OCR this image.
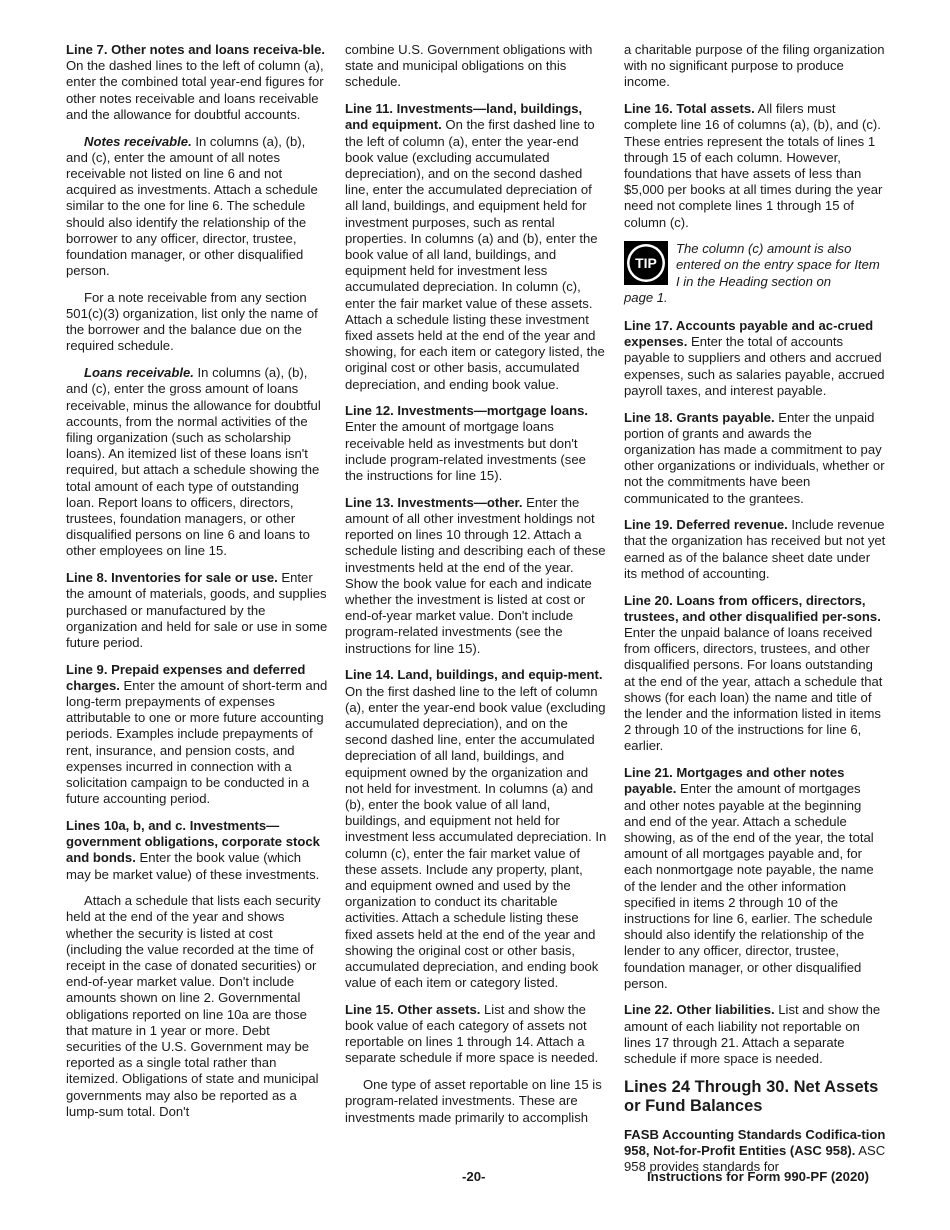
Line 7. Other notes and loans receiva-ble. On the dashed lines to the left of column (a), enter the combined total year-end figures for other notes receivable and loans receivable and the allowance for doubtful accounts.

Notes receivable. In columns (a), (b), and (c), enter the amount of all notes receivable not listed on line 6 and not acquired as investments. Attach a schedule similar to the one for line 6. The schedule should also identify the relationship of the borrower to any officer, director, trustee, foundation manager, or other disqualified person.

For a note receivable from any section 501(c)(3) organization, list only the name of the borrower and the balance due on the required schedule.

Loans receivable. In columns (a), (b), and (c), enter the gross amount of loans receivable, minus the allowance for doubtful accounts, from the normal activities of the filing organization (such as scholarship loans). An itemized list of these loans isn't required, but attach a schedule showing the total amount of each type of outstanding loan. Report loans to officers, directors, trustees, foundation managers, or other disqualified persons on line 6 and loans to other employees on line 15.

Line 8. Inventories for sale or use. Enter the amount of materials, goods, and supplies purchased or manufactured by the organization and held for sale or use in some future period.

Line 9. Prepaid expenses and deferred charges. Enter the amount of short-term and long-term prepayments of expenses attributable to one or more future accounting periods. Examples include prepayments of rent, insurance, and pension costs, and expenses incurred in connection with a solicitation campaign to be conducted in a future accounting period.

Lines 10a, b, and c. Investments—government obligations, corporate stock and bonds. Enter the book value (which may be market value) of these investments.

Attach a schedule that lists each security held at the end of the year and shows whether the security is listed at cost (including the value recorded at the time of receipt in the case of donated securities) or end-of-year market value. Don't include amounts shown on line 2. Governmental obligations reported on line 10a are those that mature in 1 year or more. Debt securities of the U.S. Government may be reported as a single total rather than itemized. Obligations of state and municipal governments may also be reported as a lump-sum total. Don't

combine U.S. Government obligations with state and municipal obligations on this schedule.

Line 11. Investments—land, buildings, and equipment. On the first dashed line to the left of column (a), enter the year-end book value (excluding accumulated depreciation), and on the second dashed line, enter the accumulated depreciation of all land, buildings, and equipment held for investment purposes, such as rental properties. In columns (a) and (b), enter the book value of all land, buildings, and equipment held for investment less accumulated depreciation. In column (c), enter the fair market value of these assets. Attach a schedule listing these investment fixed assets held at the end of the year and showing, for each item or category listed, the original cost or other basis, accumulated depreciation, and ending book value.

Line 12. Investments—mortgage loans. Enter the amount of mortgage loans receivable held as investments but don't include program-related investments (see the instructions for line 15).

Line 13. Investments—other. Enter the amount of all other investment holdings not reported on lines 10 through 12. Attach a schedule listing and describing each of these investments held at the end of the year. Show the book value for each and indicate whether the investment is listed at cost or end-of-year market value. Don't include program-related investments (see the instructions for line 15).

Line 14. Land, buildings, and equip-ment. On the first dashed line to the left of column (a), enter the year-end book value (excluding accumulated depreciation), and on the second dashed line, enter the accumulated depreciation of all land, buildings, and equipment owned by the organization and not held for investment. In columns (a) and (b), enter the book value of all land, buildings, and equipment not held for investment less accumulated depreciation. In column (c), enter the fair market value of these assets. Include any property, plant, and equipment owned and used by the organization to conduct its charitable activities. Attach a schedule listing these fixed assets held at the end of the year and showing the original cost or other basis, accumulated depreciation, and ending book value of each item or category listed.

Line 15. Other assets. List and show the book value of each category of assets not reportable on lines 1 through 14. Attach a separate schedule if more space is needed.

One type of asset reportable on line 15 is program-related investments. These are investments made primarily to accomplish

a charitable purpose of the filing organization with no significant purpose to produce income.

Line 16. Total assets. All filers must complete line 16 of columns (a), (b), and (c). These entries represent the totals of lines 1 through 15 of each column. However, foundations that have assets of less than $5,000 per books at all times during the year need not complete lines 1 through 15 of column (c).

TIP
The column (c) amount is also entered on the entry space for Item I in the Heading section on
page 1.

Line 17. Accounts payable and ac-crued expenses. Enter the total of accounts payable to suppliers and others and accrued expenses, such as salaries payable, accrued payroll taxes, and interest payable.

Line 18. Grants payable. Enter the unpaid portion of grants and awards the organization has made a commitment to pay other organizations or individuals, whether or not the commitments have been communicated to the grantees.

Line 19. Deferred revenue. Include revenue that the organization has received but not yet earned as of the balance sheet date under its method of accounting.

Line 20. Loans from officers, directors, trustees, and other disqualified per-sons. Enter the unpaid balance of loans received from officers, directors, trustees, and other disqualified persons. For loans outstanding at the end of the year, attach a schedule that shows (for each loan) the name and title of the lender and the information listed in items 2 through 10 of the instructions for line 6, earlier.

Line 21. Mortgages and other notes payable. Enter the amount of mortgages and other notes payable at the beginning and end of the year. Attach a schedule showing, as of the end of the year, the total amount of all mortgages payable and, for each nonmortgage note payable, the name of the lender and the other information specified in items 2 through 10 of the instructions for line 6, earlier. The schedule should also identify the relationship of the lender to any officer, director, trustee, foundation manager, or other disqualified person.

Line 22. Other liabilities. List and show the amount of each liability not reportable on lines 17 through 21. Attach a separate schedule if more space is needed.

Lines 24 Through 30. Net Assets or Fund Balances

FASB Accounting Standards Codifica-tion 958, Not-for-Profit Entities (ASC 958). ASC 958 provides standards for

-20-	Instructions for Form 990-PF (2020)
